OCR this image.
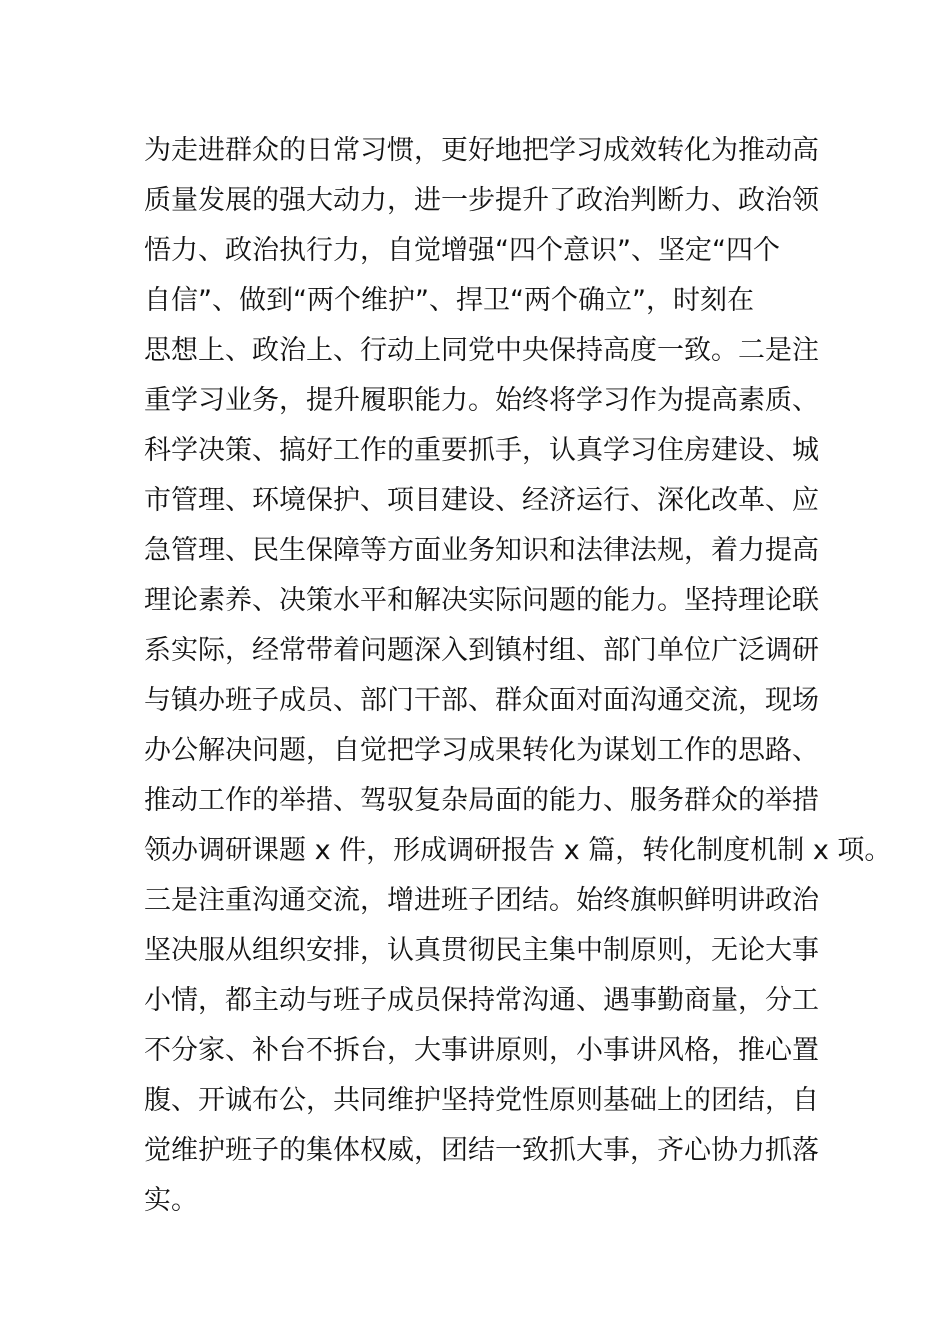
为走进群众的日常习惯，更好地把学习成效转化为推动高
质量发展的强大动力，进一步提升了政治判断力、政治领
悟力、政治执行力，自觉增强“四个意识”、坚定“四个
自信”、做到“两个维护”、捍卫“两个确立”，时刻在
思想上、政治上、行动上同党中央保持高度一致。二是注
重学习业务，提升履职能力。始终将学习作为提高素质、
科学决策、搞好工作的重要抓手，认真学习住房建设、城
市管理、环境保护、项目建设、经济运行、深化改革、应
急管理、民生保障等方面业务知识和法律法规，着力提高
理论素养、决策水平和解决实际问题的能力。坚持理论联
系实际，经常带着问题深入到镇村组、部门单位广泛调研
与镇办班子成员、部门干部、群众面对面沟通交流，现场
办公解决问题，自觉把学习成果转化为谋划工作的思路、
推动工作的举措、驾驭复杂局面的能力、服务群众的举措
领办调研课题 x 件，形成调研报告 x 篇，转化制度机制 x 项。
三是注重沟通交流，增进班子团结。始终旗帜鲜明讲政治
坚决服从组织安排，认真贯彻民主集中制原则，无论大事
小情，都主动与班子成员保持常沟通、遇事勤商量，分工
不分家、补台不拆台，大事讲原则，小事讲风格，推心置
腹、开诚布公，共同维护坚持党性原则基础上的团结，自
觉维护班子的集体权威，团结一致抓大事，齐心协力抓落
实。
